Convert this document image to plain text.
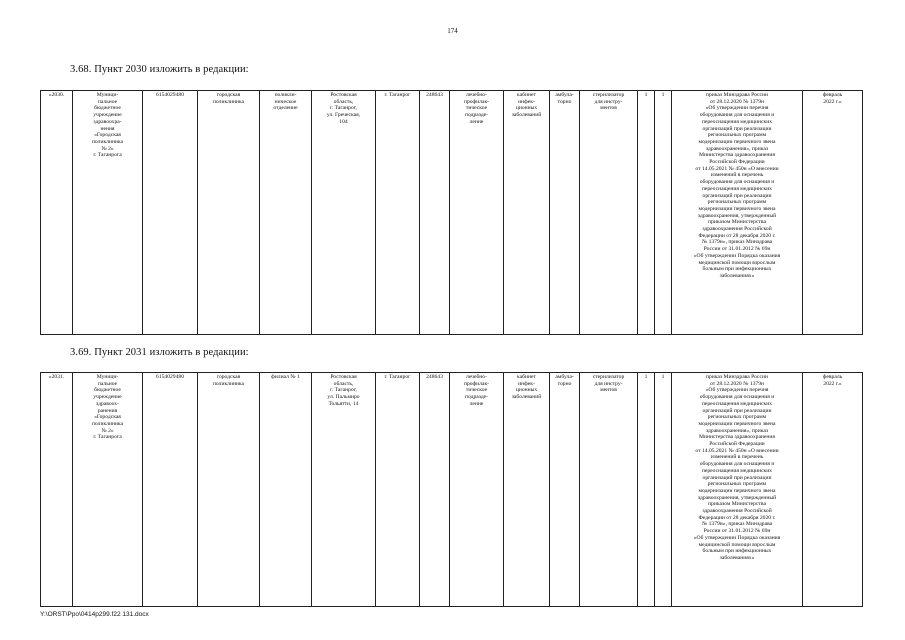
174
3.68. Пункт 2030 изложить в редакции:
«2030.	Муници-
пальное
бюджетное
учреждение
здравоохра-
нения
«Городская
поликлиника
№ 2»
г. Таганрога	6154029480	городская
поликлиника	поликли-
ническое
отделение	Ростовская
область,
г. Таганрог,
ул. Греческая,
104	г. Таганрог	248643	лечебно-
профилак-
тическое
подразде-
ление	кабинет
инфек-
ционных
заболеваний	амбула-
торно	стерилизатор
для инстру-
ментов	1	1	приказ Минздрава России
от 28.12.2020 № 1379н
«Об утверждении перечня
оборудования для оснащения и
переоснащения медицинских
организаций при реализации
региональных программ
модернизации первичного звена
здравоохранения», приказ
Министерства здравоохранения
Российской Федерации
от 14.05.2021 № 450н «О внесении
изменений в перечень
оборудования для оснащения и
переоснащения медицинских
организаций при реализации
региональных программ
модернизации первичного звена
здравоохранения, утвержденный
приказом Министерства
здравоохранения Российской
Федерации от 28 декабря 2020 г.
№ 1379н», приказ Минздрава
России от 31.01.2012 № 69н
«Об утверждении Порядка оказания
медицинской помощи взрослым
больным при инфекционных
заболеваниях»	февраль
2022 г.»
3.69. Пункт 2031 изложить в редакции:
«2031.	Муници-
пальное
бюджетное
учреждение
здравоох-
ранения
«Городская
поликлиника
№ 2»
г. Таганрога	6154029480	городская
поликлиника	филиал № 1	Ростовская
область,
г. Таганрог,
ул. Пальмиро
Тольятти, 14	г. Таганрог	248643	лечебно-
профилак-
тическое
подразде-
ление	кабинет
инфек-
ционных
заболеваний	амбула-
торно	стерилизатор
для инстру-
ментов	1	1	приказ Минздрава России
от 28.12.2020 № 1379н
«Об утверждении перечня
оборудования для оснащения и
переоснащения медицинских
организаций при реализации
региональных программ
модернизации первичного звена
здравоохранения», приказ
Министерства здравоохранения
Российской Федерации
от 14.05.2021 № 450н «О внесении
изменений в перечень
оборудования для оснащения и
переоснащения медицинских
организаций при реализации
региональных программ
модернизации первичного звена
здравоохранения, утвержденный
приказом Министерства
здравоохранения Российской
Федерации от 28 декабря 2020 г.
№ 1379н», приказ Минздрава
России от 31.01.2012 № 69н
«Об утверждении Порядка оказания
медицинской помощи взрослым
больным при инфекционных
заболеваниях»	февраль
2022 г.»
Y:\ORST\Ppo\0414p299.f22 131.docx
